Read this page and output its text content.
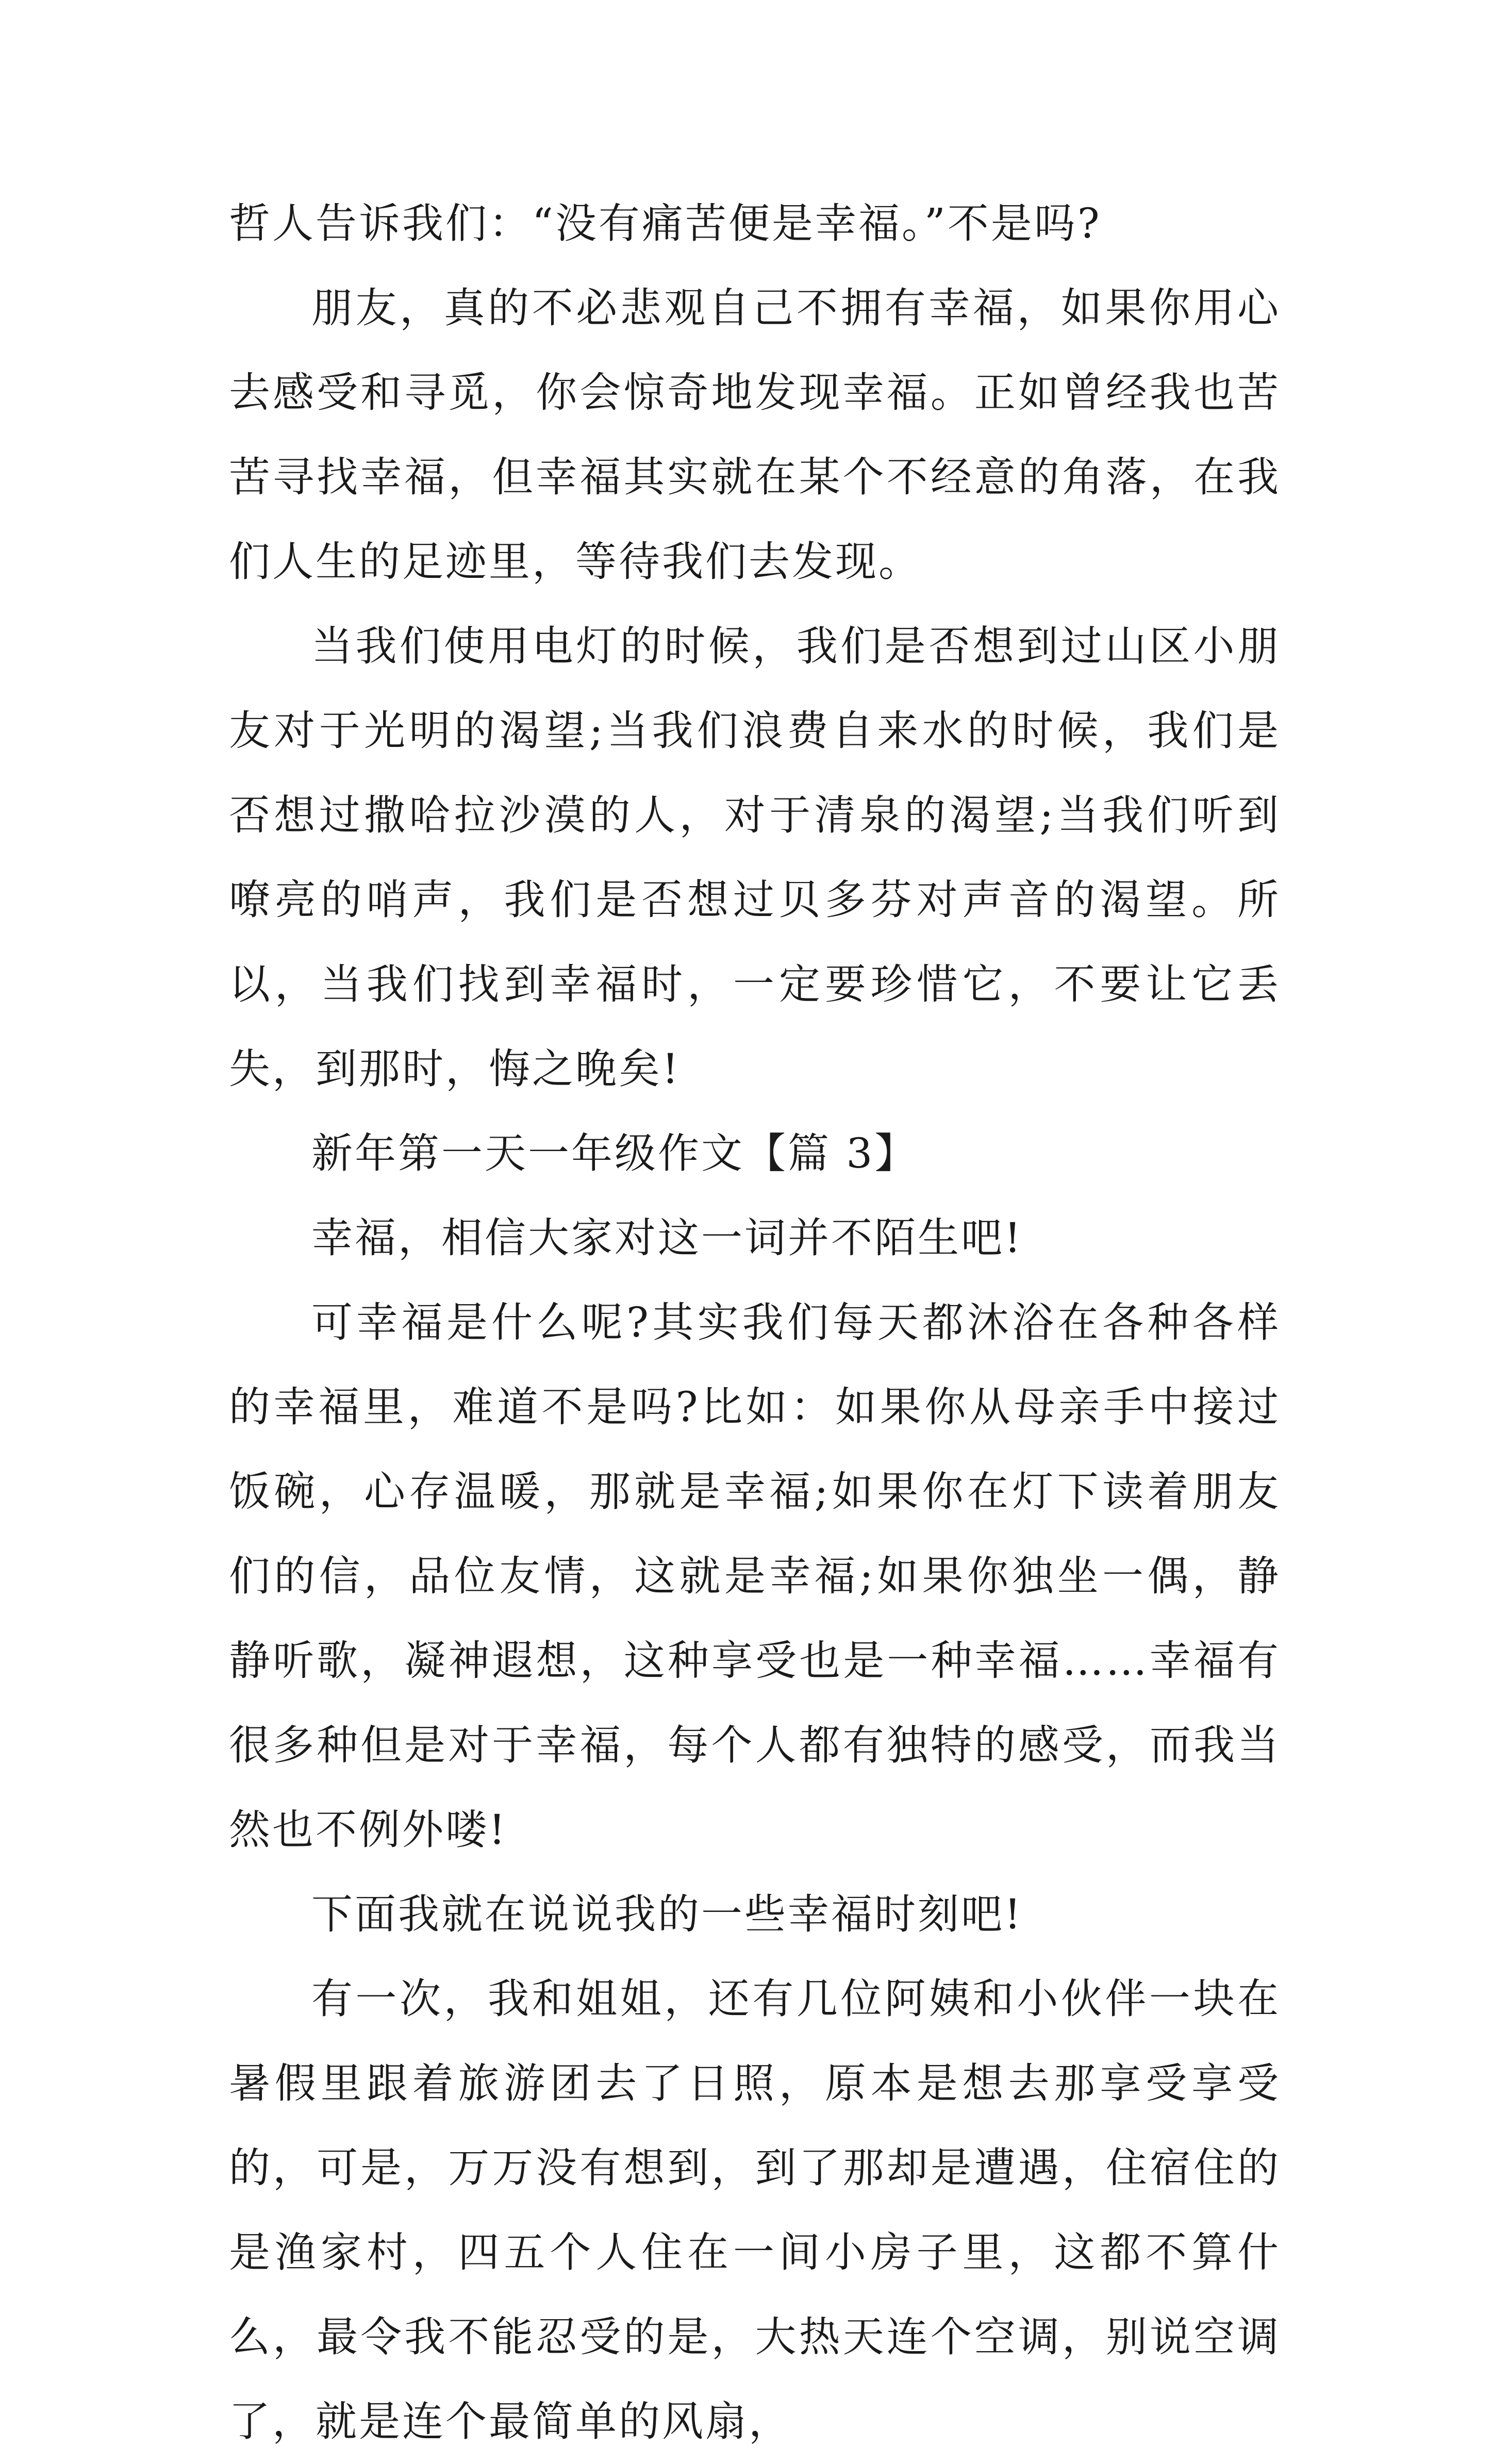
哲人告诉我们：“没有痛苦便是幸福。”不是吗?

朋友，真的不必悲观自己不拥有幸福，如果你用心去感受和寻觅，你会惊奇地发现幸福。正如曾经我也苦苦寻找幸福，但幸福其实就在某个不经意的角落，在我们人生的足迹里，等待我们去发现。

当我们使用电灯的时候，我们是否想到过山区小朋友对于光明的渴望;当我们浪费自来水的时候，我们是否想过撒哈拉沙漠的人，对于清泉的渴望;当我们听到嘹亮的哨声，我们是否想过贝多芬对声音的渴望。所以，当我们找到幸福时，一定要珍惜它，不要让它丢失，到那时，悔之晚矣!

新年第一天一年级作文【篇 3】

幸福，相信大家对这一词并不陌生吧!

可幸福是什么呢?其实我们每天都沐浴在各种各样的幸福里，难道不是吗?比如：如果你从母亲手中接过饭碗，心存温暖，那就是幸福;如果你在灯下读着朋友们的信，品位友情，这就是幸福;如果你独坐一偶，静静听歌，凝神遐想，这种享受也是一种幸福……幸福有很多种但是对于幸福，每个人都有独特的感受，而我当然也不例外喽!

下面我就在说说我的一些幸福时刻吧!

有一次，我和姐姐，还有几位阿姨和小伙伴一块在暑假里跟着旅游团去了日照，原本是想去那享受享受的，可是，万万没有想到，到了那却是遭遇，住宿住的是渔家村，四五个人住在一间小房子里，这都不算什么，最令我不能忍受的是，大热天连个空调，别说空调了，就是连个最简单的风扇，
